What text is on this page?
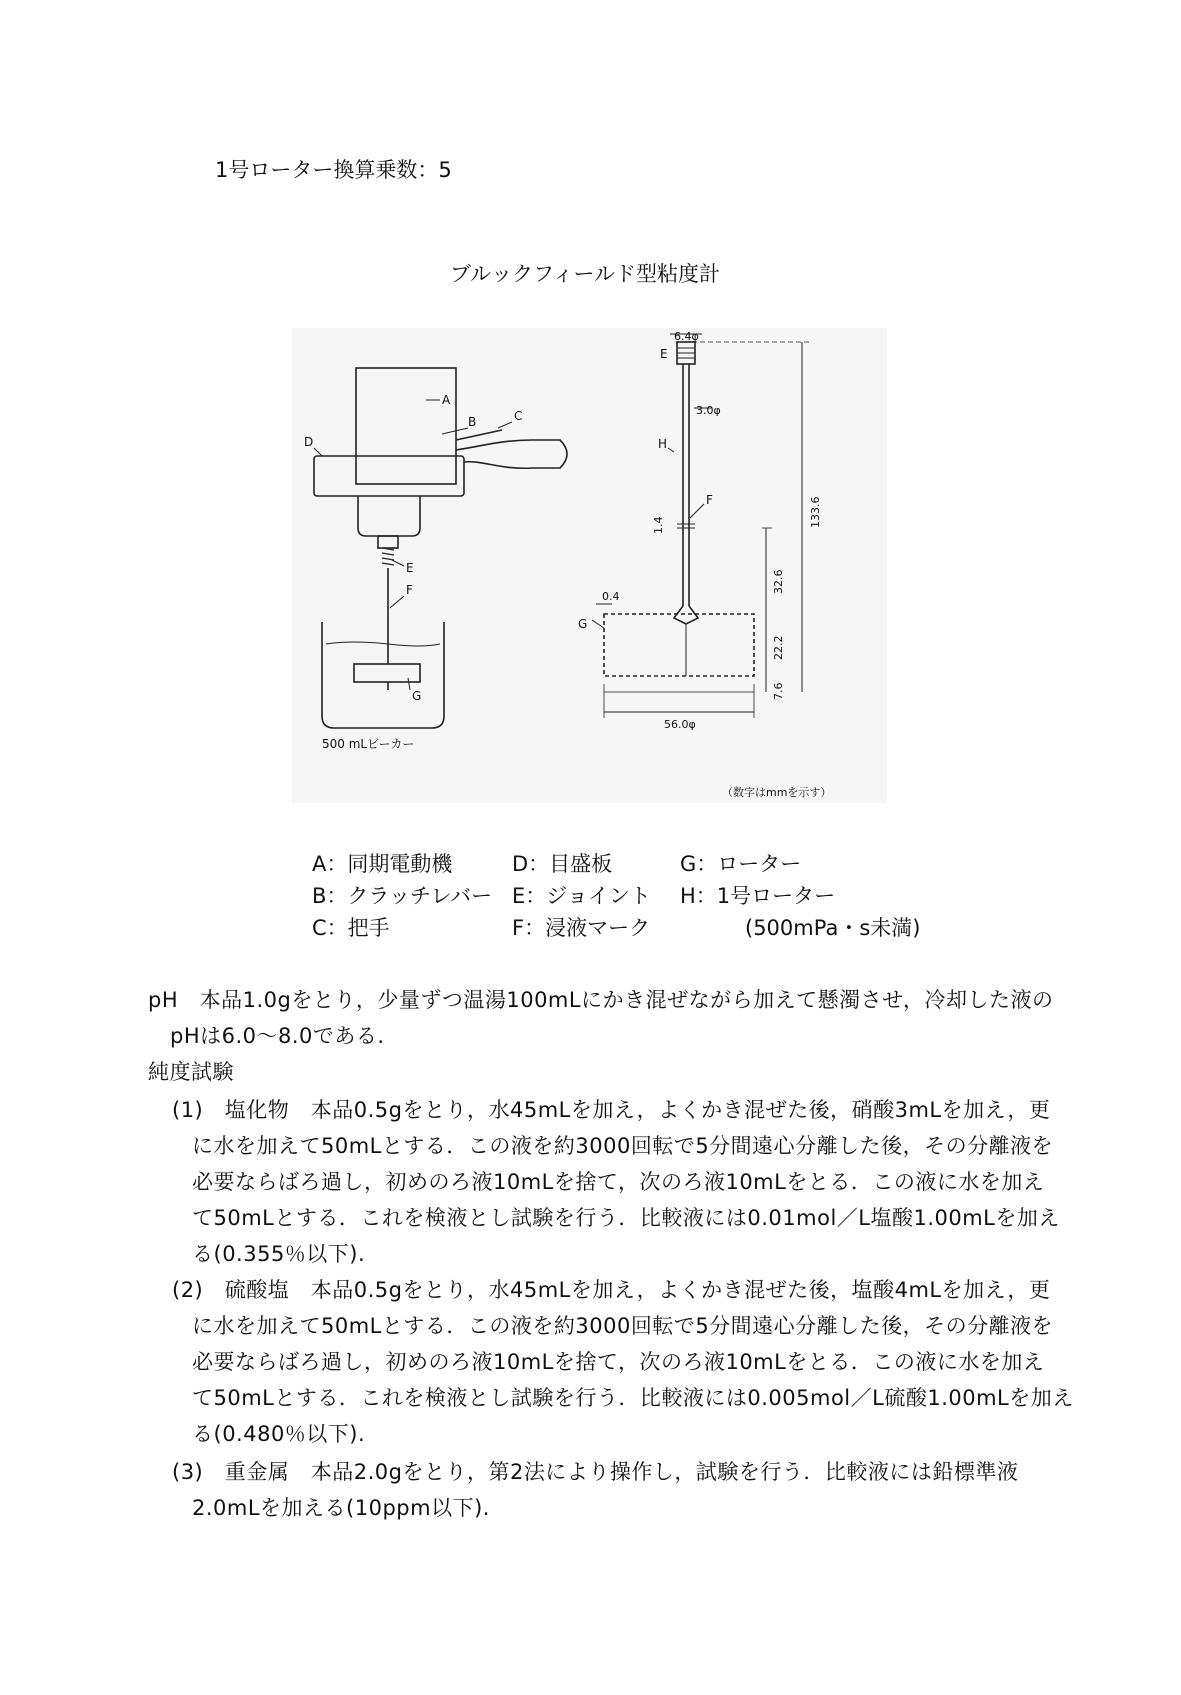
1号ローター換算乗数：5
ブルックフィールド型粘度計
A
B	C
D
E
F
G
500 mLビーカー
E
H
F
G
6.4φ
3.0φ
1.4
0.4
133.6
32.6
22.2
7.6
56.0φ
（数字はmmを示す）
A：同期電動機
B：クラッチレバー
C：把手
D：目盛板
E：ジョイント
F：浸液マーク
G：ローター
H：1号ローター
(500mPa・s未満)
pH　本品1.0gをとり，少量ずつ温湯100mLにかき混ぜながら加えて懸濁させ，冷却した液の
pHは6.0～8.0である.
純度試験
(1)　塩化物　本品0.5gをとり，水45mLを加え，よくかき混ぜた後，硝酸3mLを加え，更
に水を加えて50mLとする．この液を約3000回転で5分間遠心分離した後，その分離液を
必要ならばろ過し，初めのろ液10mLを捨て，次のろ液10mLをとる．この液に水を加え
て50mLとする．これを検液とし試験を行う．比較液には0.01mol／L塩酸1.00mLを加え
る(0.355％以下).
(2)　硫酸塩　本品0.5gをとり，水45mLを加え，よくかき混ぜた後，塩酸4mLを加え，更
に水を加えて50mLとする．この液を約3000回転で5分間遠心分離した後，その分離液を
必要ならばろ過し，初めのろ液10mLを捨て，次のろ液10mLをとる．この液に水を加え
て50mLとする．これを検液とし試験を行う．比較液には0.005mol／L硫酸1.00mLを加え
る(0.480％以下).
(3)　重金属　本品2.0gをとり，第2法により操作し，試験を行う．比較液には鉛標準液
2.0mLを加える(10ppm以下).
